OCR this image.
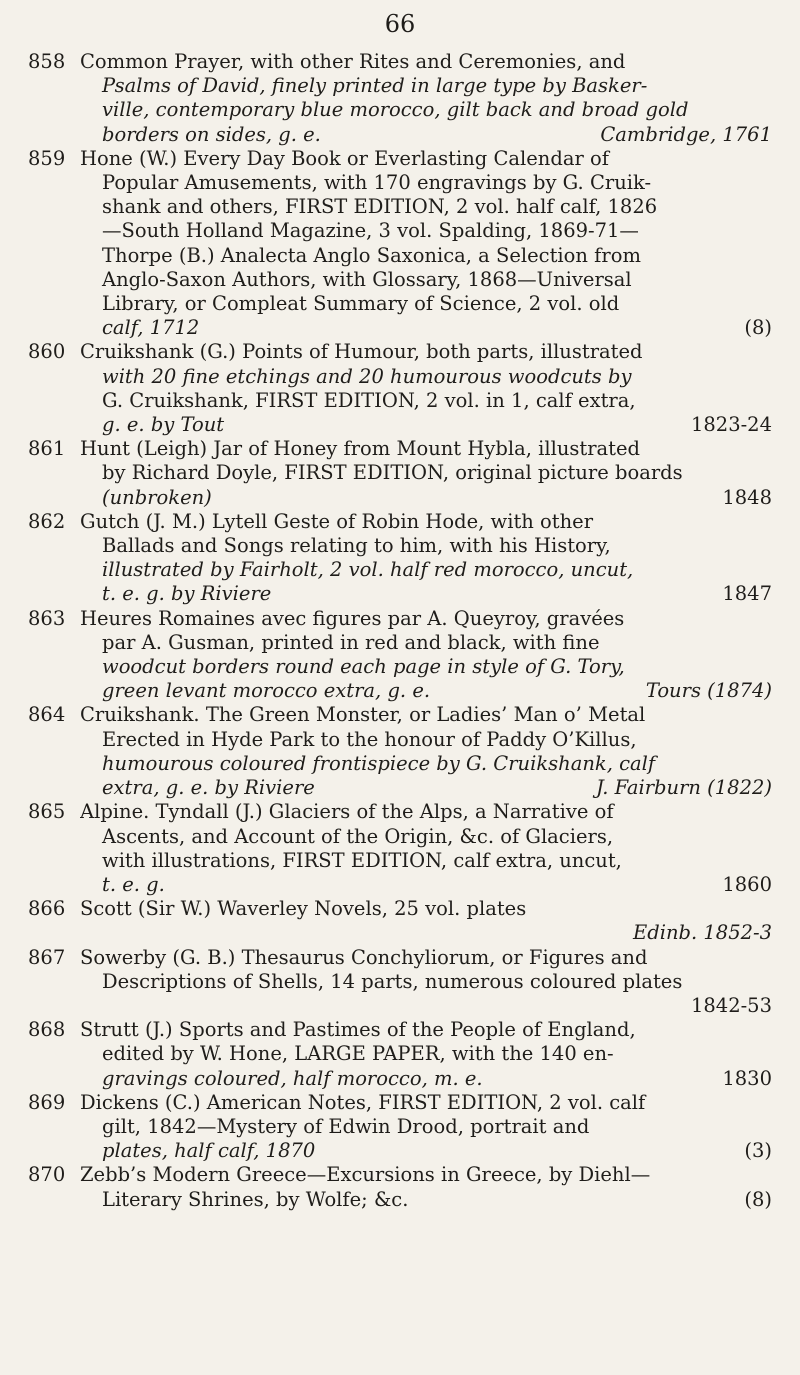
66
858 Common Prayer, with other Rites and Ceremonies, and
Psalms of David, finely printed in large type by Basker-
ville, contemporary blue morocco, gilt back and broad gold
borders on sides, g. e.	Cambridge, 1761
859 Hone (W.) Every Day Book or Everlasting Calendar of
Popular Amusements, with 170 engravings by G. Cruik-
shank and others, FIRST EDITION, 2 vol. half calf, 1826
—South Holland Magazine, 3 vol. Spalding, 1869-71—
Thorpe (B.) Analecta Anglo Saxonica, a Selection from
Anglo-Saxon Authors, with Glossary, 1868—Universal
Library, or Compleat Summary of Science, 2 vol. old
calf, 1712	(8)
860 Cruikshank (G.) Points of Humour, both parts, illustrated
with 20 fine etchings and 20 humourous woodcuts by
G. Cruikshank, FIRST EDITION, 2 vol. in 1, calf extra,
g. e. by Tout	1823-24
861 Hunt (Leigh) Jar of Honey from Mount Hybla, illustrated
by Richard Doyle, FIRST EDITION, original picture boards
(unbroken)	1848
862 Gutch (J. M.) Lytell Geste of Robin Hode, with other
Ballads and Songs relating to him, with his History,
illustrated by Fairholt, 2 vol. half red morocco, uncut,
t. e. g. by Riviere	1847
863 Heures Romaines avec figures par A. Queyroy, gravées
par A. Gusman, printed in red and black, with fine
woodcut borders round each page in style of G. Tory,
green levant morocco extra, g. e.	Tours (1874)
864 Cruikshank. The Green Monster, or Ladies’ Man o’ Metal
Erected in Hyde Park to the honour of Paddy O’Killus,
humourous coloured frontispiece by G. Cruikshank, calf
extra, g. e. by Riviere	J. Fairburn (1822)
865 Alpine. Tyndall (J.) Glaciers of the Alps, a Narrative of
Ascents, and Account of the Origin, &c. of Glaciers,
with illustrations, FIRST EDITION, calf extra, uncut,
t. e. g.	1860
866 Scott (Sir W.) Waverley Novels, 25 vol. plates
Edinb. 1852-3
867 Sowerby (G. B.) Thesaurus Conchyliorum, or Figures and
Descriptions of Shells, 14 parts, numerous coloured plates
1842-53
868 Strutt (J.) Sports and Pastimes of the People of England,
edited by W. Hone, LARGE PAPER, with the 140 en-
gravings coloured, half morocco, m. e.	1830
869 Dickens (C.) American Notes, FIRST EDITION, 2 vol. calf
gilt, 1842—Mystery of Edwin Drood, portrait and
plates, half calf, 1870	(3)
870 Zebb’s Modern Greece—Excursions in Greece, by Diehl—
Literary Shrines, by Wolfe; &c.	(8)
